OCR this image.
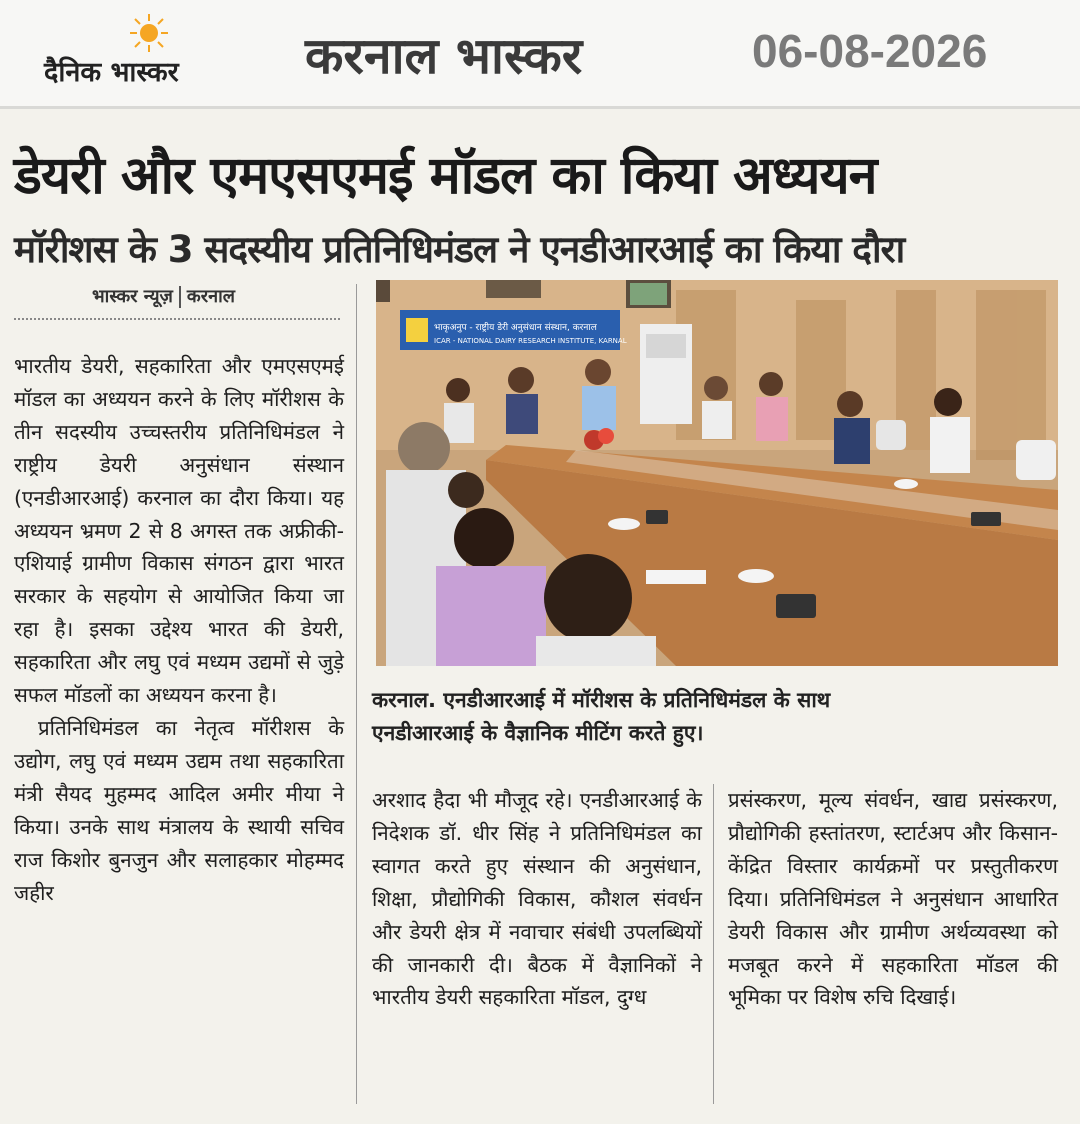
दैनिक भास्कर	करनाल भास्कर	06-08-2026
डेयरी और एमएसएमई मॉडल का किया अध्ययन
मॉरीशस के 3 सदस्यीय प्रतिनिधिमंडल ने एनडीआरआई का किया दौरा
भास्कर न्यूज़ करनाल

भारतीय डेयरी, सहकारिता और एमएसएमई मॉडल का अध्ययन करने के लिए मॉरीशस के तीन सदस्यीय उच्चस्तरीय प्रतिनिधिमंडल ने राष्ट्रीय डेयरी अनुसंधान संस्थान (एनडीआरआई) करनाल का दौरा किया। यह अध्ययन भ्रमण 2 से 8 अगस्त तक अफ्रीकी-एशियाई ग्रामीण विकास संगठन द्वारा भारत सरकार के सहयोग से आयोजित किया जा रहा है। इसका उद्देश्य भारत की डेयरी, सहकारिता और लघु एवं मध्यम उद्यमों से जुड़े सफल मॉडलों का अध्ययन करना है।

प्रतिनिधिमंडल का नेतृत्व मॉरीशस के उद्योग, लघु एवं मध्यम उद्यम तथा सहकारिता मंत्री सैयद मुहम्मद आदिल अमीर मीया ने किया। उनके साथ मंत्रालय के स्थायी सचिव राज किशोर बुनजुन और सलाहकार मोहम्मद जहीर

भाकृअनुप - राष्ट्रीय डेरी अनुसंधान संस्थान, करनाल
ICAR - NATIONAL DAIRY RESEARCH INSTITUTE, KARNAL

करनाल. एनडीआरआई में मॉरीशस के प्रतिनिधिमंडल के साथ

एनडीआरआई के वैज्ञानिक मीटिंग करते हुए।

अरशाद हैदा भी मौजूद रहे। एनडीआरआई के निदेशक डॉ. धीर सिंह ने प्रतिनिधिमंडल का स्वागत करते हुए संस्थान की अनुसंधान, शिक्षा, प्रौद्योगिकी विकास, कौशल संवर्धन और डेयरी क्षेत्र में नवाचार संबंधी उपलब्धियों की जानकारी दी। बैठक में वैज्ञानिकों ने भारतीय डेयरी सहकारिता मॉडल, दुग्ध

प्रसंस्करण, मूल्य संवर्धन, खाद्य प्रसंस्करण, प्रौद्योगिकी हस्तांतरण, स्टार्टअप और किसान-केंद्रित विस्तार कार्यक्रमों पर प्रस्तुतीकरण दिया। प्रतिनिधिमंडल ने अनुसंधान आधारित डेयरी विकास और ग्रामीण अर्थव्यवस्था को मजबूत करने में सहकारिता मॉडल की भूमिका पर विशेष रुचि दिखाई।
